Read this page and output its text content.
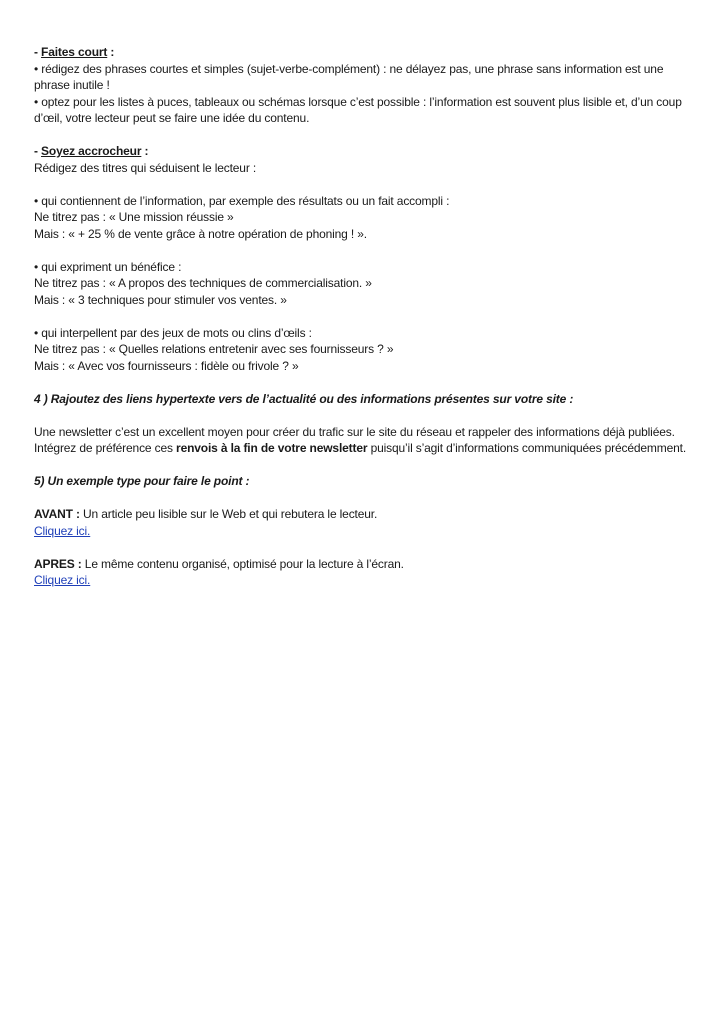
- Faites court :

• rédigez des phrases courtes et simples (sujet-verbe-complément) : ne délayez pas, une phrase sans information est une phrase inutile !

• optez pour les listes à puces, tableaux ou schémas lorsque c’est possible : l’information est souvent plus lisible et, d’un coup d’œil, votre lecteur peut se faire une idée du contenu.

- Soyez accrocheur :

Rédigez des titres qui séduisent le lecteur :

• qui contiennent de l’information, par exemple des résultats ou un fait accompli :

Ne titrez pas : « Une mission réussie »

Mais : « + 25 % de vente grâce à notre opération de phoning ! ».

• qui expriment un bénéfice :

Ne titrez pas : « A propos des techniques de commercialisation. »

Mais : « 3 techniques pour stimuler vos ventes. »

• qui interpellent par des jeux de mots ou clins d’œils :

Ne titrez pas : « Quelles relations entretenir avec ses fournisseurs ? »

Mais : « Avec vos fournisseurs : fidèle ou frivole ? »

4 ) Rajoutez des liens hypertexte vers de l’actualité ou des informations présentes sur votre site :

Une newsletter c’est un excellent moyen pour créer du trafic sur le site du réseau et rappeler des informations déjà publiées.

Intégrez de préférence ces renvois à la fin de votre newsletter puisqu’il s’agit d’informations communiquées précédemment.

5) Un exemple type pour faire le point :

AVANT : Un article peu lisible sur le Web et qui rebutera le lecteur.

Cliquez ici.

APRES : Le même contenu organisé, optimisé pour la lecture à l’écran.

Cliquez ici.
